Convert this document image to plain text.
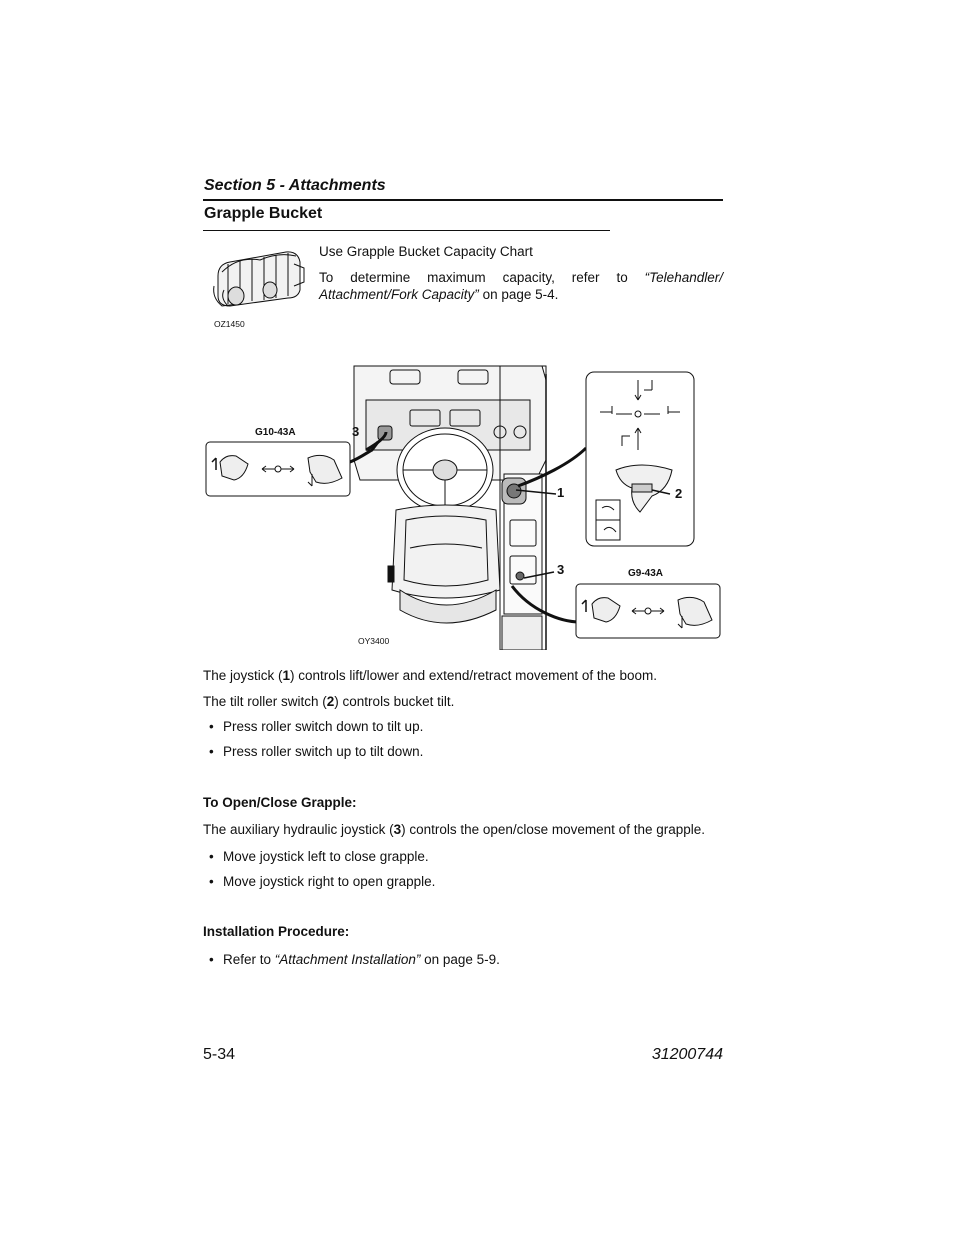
Section 5 - Attachments
Grapple Bucket
OZ1450
Use Grapple Bucket Capacity Chart
To determine maximum capacity, refer to “Telehandler/
Attachment/Fork Capacity” on page 5-4.
3
1	2
3
G10-43A
G9-43A
OY3400
The joystick (1) controls lift/lower and extend/retract movement of the boom.
The tilt roller switch (2) controls bucket tilt.
• Press roller switch down to tilt up.
• Press roller switch up to tilt down.
To Open/Close Grapple:
The auxiliary hydraulic joystick (3) controls the open/close movement of the grapple.
• Move joystick left to close grapple.
• Move joystick right to open grapple.
Installation Procedure:
• Refer to “Attachment Installation” on page 5-9.
5-34	31200744
